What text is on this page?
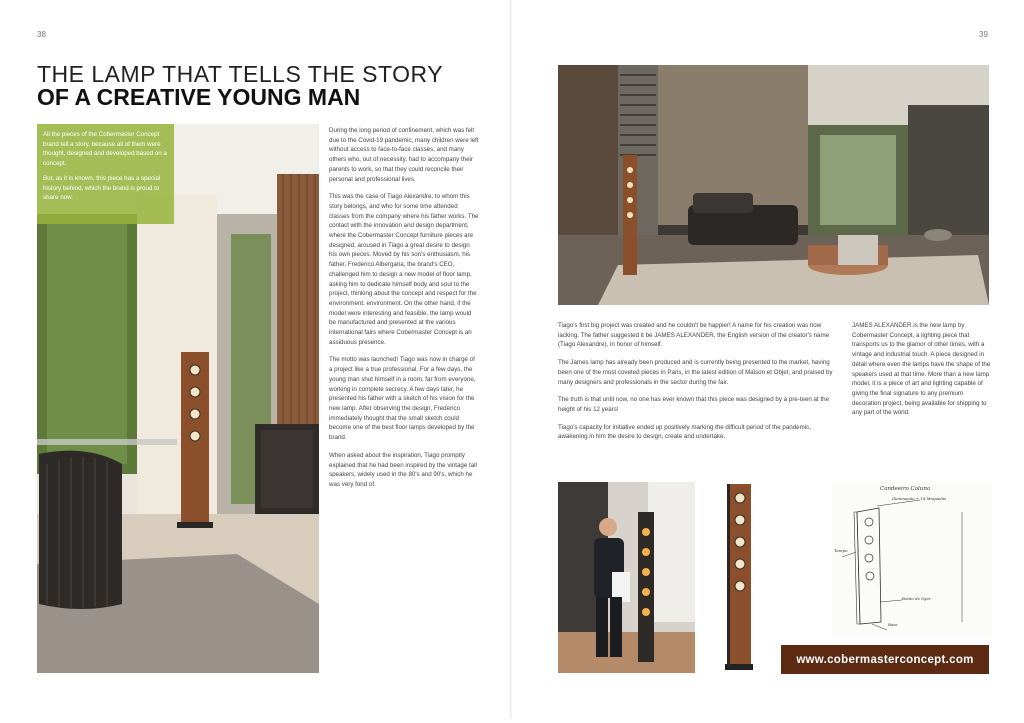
38
THE LAMP THAT TELLS THE STORY
OF A CREATIVE YOUNG MAN

All the pieces of the Cobermaster Concept brand tell a story, because all of them were thought, designed and developed based on a concept.

But, as it is known, this piece has a special history behind, which the brand is proud to share now.

During the long period of confinement, which was felt due to the Covid-19 pandemic, many children were left without access to face-to-face classes, and many others who, out of necessity, had to accompany their parents to work, so that they could reconcile their personal and professional lives.

This was the case of Tiago Alexandre, to whom this story belongs, and who for some time attended classes from the company where his father works. The contact with the innovation and design department, where the Cobermaster Concept furniture pieces are designed, aroused in Tiago a great desire to design his own pieces. Moved by his son's enthusiasm, his father, Frederico Albergaria, the brand's CEO, challenged him to design a new model of floor lamp, asking him to dedicate himself body and soul to the project, thinking about the concept and respect for the environment. environment. On the other hand, if the model were interesting and feasible, the lamp would be manufactured and presented at the various international fairs where Cobermaster Concept is an assiduous presence.

The motto was launched! Tiago was now in charge of a project like a true professional. For a few days, the young man shut himself in a room, far from everyone, working in complete secrecy. A few days later, he presented his father with a sketch of his vision for the new lamp. After observing the design, Frederico immediately thought that the small sketch could become one of the best floor lamps developed by the brand.

When asked about the inspiration, Tiago promptly explained that he had been inspired by the vintage tall speakers, widely used in the 80's and 90's, which he was very fond of.

39

Tiago's first big project was created and he couldn't be happier! A name for his creation was now lacking. The father suggested it be JAMES ALEXANDER, the English version of the creator's name (Tiago Alexandre), in honor of himself.

The James lamp has already been produced and is currently being presented to the market, having been one of the most coveted pieces in Paris, in the latest edition of Maison et Objet, and praised by many designers and professionals in the sector during the fair.

The truth is that until now, no one has ever known that this piece was designed by a pre-teen at the height of his 12 years!

Tiago's capacity for initiative ended up positively marking the difficult period of the pandemic, awakening in him the desire to design, create and undertake.

JAMES ALEXANDER is the new lamp by Cobermaster Concept, a lighting piece that transports us to the glamor of other times, with a vintage and industrial touch. A piece designed in detail where even the lamps have the shape of the speakers used at that time. More than a new lamp model, it is a piece of art and lighting capable of giving the final signature to any premium decoration project, being available for shipping to any part of the world.

Candeeiro Coluna
Iluminação + 18 lâmpadas
Botão de ligar
Tampo
Base
www.cobermasterconcept.com
